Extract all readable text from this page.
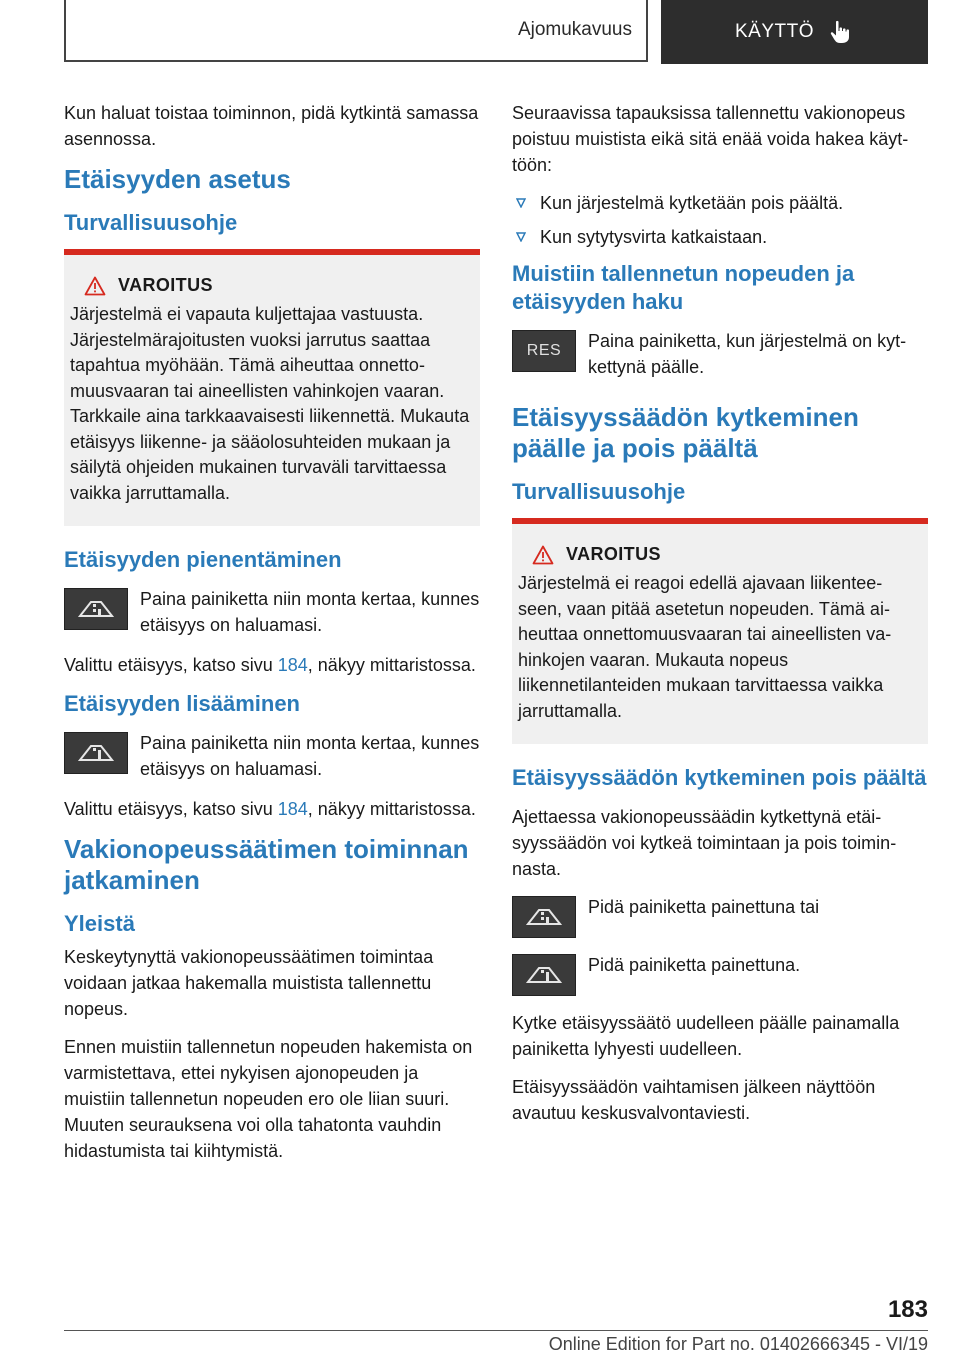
Ajomukavuus	KÄYTTÖ

Kun haluat toistaa toiminnon, pidä kytkintä samassa asennossa.

Etäisyyden asetus
Turvallisuusohje
VAROITUS

Järjestelmä ei vapauta kuljettajaa vastuusta. Järjestelmärajoitusten vuoksi jarrutus saattaa tapahtua myöhään. Tämä aiheuttaa onnettomuusvaaran tai aineellisten vahinkojen vaaran. Tarkkaile aina tarkkaavaisesti liikennettä. Mukauta etäisyys liikenne- ja sääolosuhteiden mukaan ja säilytä ohjeiden mukainen turvaväli tarvittaessa vaikka jarruttamalla.

Etäisyyden pienentäminen

Paina painiketta niin monta kertaa, kunnes etäisyys on haluamasi.

Valittu etäisyys, katso sivu 184, näkyy mittaristossa.

Etäisyyden lisääminen

Paina painiketta niin monta kertaa, kunnes etäisyys on haluamasi.

Valittu etäisyys, katso sivu 184, näkyy mittaristossa.

Vakionopeussäätimen toiminnan jatkaminen
Yleistä

Keskeytynyttä vakionopeussäätimen toimintaa voidaan jatkaa hakemalla muistista tallennettu nopeus.

Ennen muistiin tallennetun nopeuden hakemista on varmistettava, ettei nykyisen ajonopeuden ja muistiin tallennetun nopeuden ero ole liian suuri. Muuten seurauksena voi olla tahatonta vauhdin hidastumista tai kiihtymistä.

Seuraavissa tapauksissa tallennettu vakionopeus poistuu muistista eikä sitä enää voida hakea käyttöön:

Kun järjestelmä kytketään pois päältä.
Kun sytytysvirta katkaistaan.
Muistiin tallennetun nopeuden ja etäisyyden haku
RES Paina painiketta, kun järjestelmä on kytkettynä päälle.

Etäisyyssäädön kytkeminen päälle ja pois päältä
Turvallisuusohje
VAROITUS

Järjestelmä ei reagoi edellä ajavaan liikenteeseen, vaan pitää asetetun nopeuden. Tämä aiheuttaa onnettomuusvaaran tai aineellisten vahinkojen vaaran. Mukauta nopeus liikennetilanteiden mukaan tarvittaessa vaikka jarruttamalla.

Etäisyyssäädön kytkeminen pois päältä

Ajettaessa vakionopeussäädin kytkettynä etäisyyssäädön voi kytkeä toimintaan ja pois toiminnasta.

Pidä painiketta painettuna tai

Pidä painiketta painettuna.

Kytke etäisyyssäätö uudelleen päälle painamalla painiketta lyhyesti uudelleen.

Etäisyyssäädön vaihtamisen jälkeen näyttöön avautuu keskusvalvontaviesti.

183
Online Edition for Part no. 01402666345 - VI/19
